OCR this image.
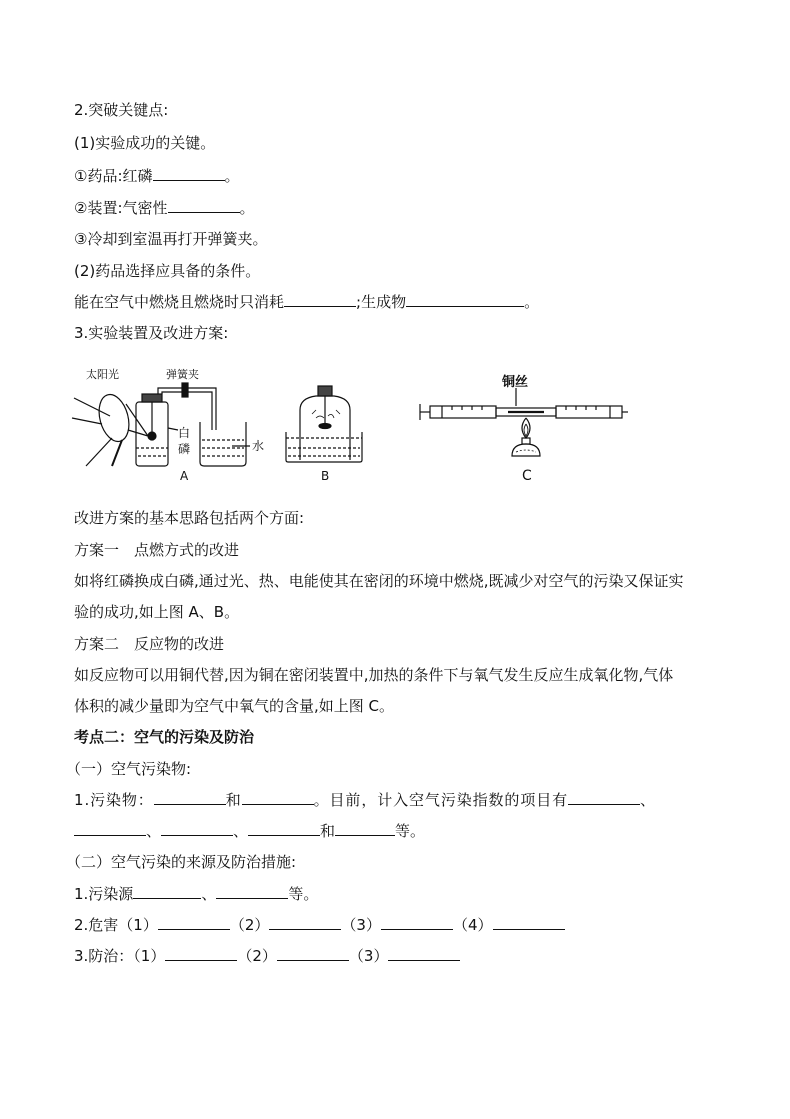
2.突破关键点:
(1)实验成功的关键。
①药品:红磷	。
②装置:气密性	。
③冷却到室温再打开弹簧夹。
(2)药品选择应具备的条件。
能在空气中燃烧且燃烧时只消耗	;生成物	。
3.实验装置及改进方案:
太阳光	弹簧夹
白
磷	水
A	B
铜丝
C
改进方案的基本思路包括两个方面:
方案一　点燃方式的改进
如将红磷换成白磷,通过光、热、电能使其在密闭的环境中燃烧,既减少对空气的污染又保证实
验的成功,如上图 A、B。
方案二　反应物的改进
如反应物可以用铜代替,因为铜在密闭装置中,加热的条件下与氧气发生反应生成氧化物,气体
体积的减少量即为空气中氧气的含量,如上图 C。
考点二：空气的污染及防治
（一）空气污染物:
1.污染物：	和	。目前，计入空气污染指数的项目有	、
、	、	和	等。
（二）空气污染的来源及防治措施:
1.污染源	、	等。
2.危害（1）	（2）	（3）	（4）
3.防治：（1）	（2）	（3）
